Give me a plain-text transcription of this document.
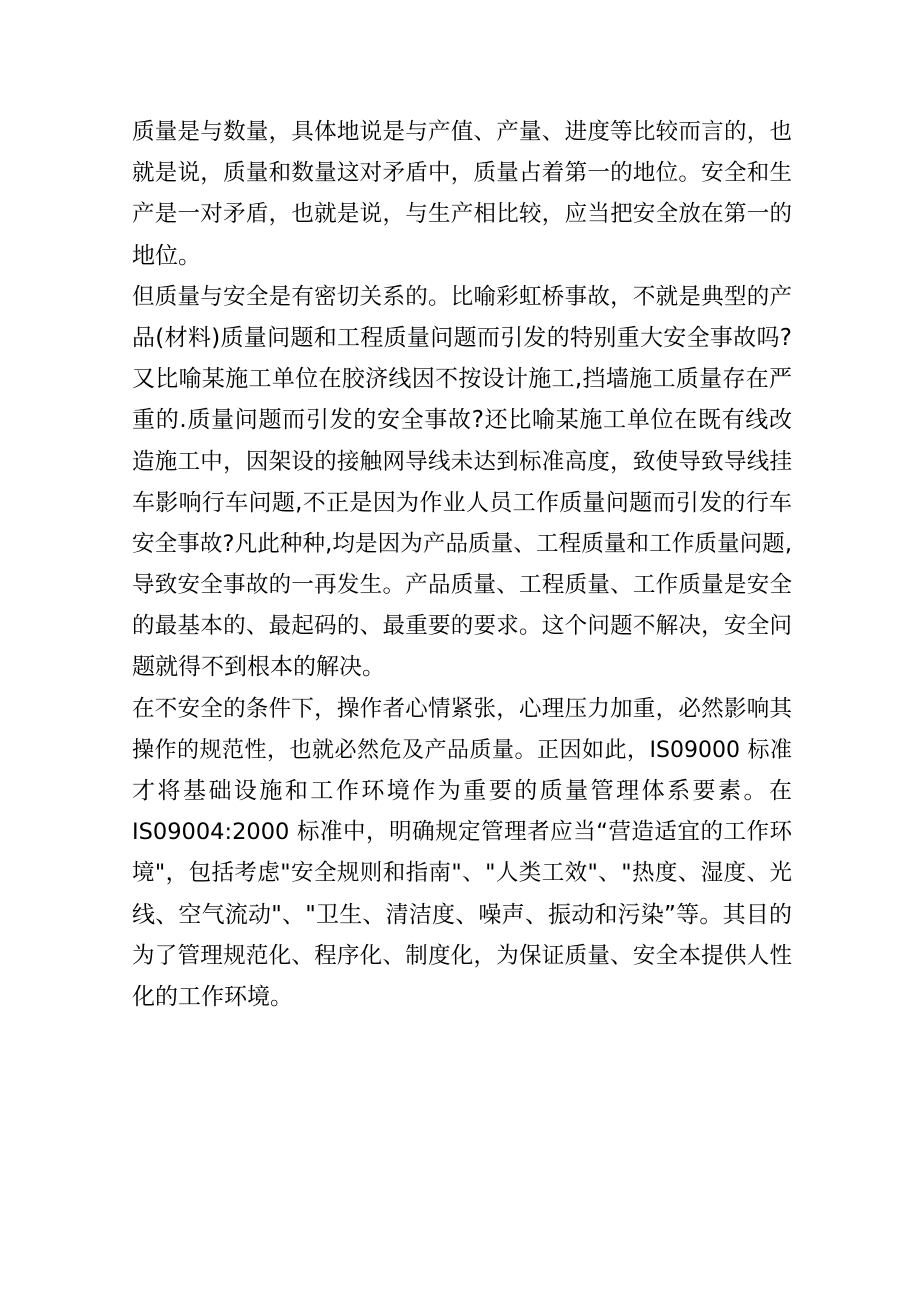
质量是与数量，具体地说是与产值、产量、进度等比较而言的，也
就是说，质量和数量这对矛盾中，质量占着第一的地位。安全和生
产是一对矛盾，也就是说，与生产相比较，应当把安全放在第一的
地位。
但质量与安全是有密切关系的。比喻彩虹桥事故，不就是典型的产
品(材料)质量问题和工程质量问题而引发的特别重大安全事故吗?
又比喻某施工单位在胶济线因不按设计施工,挡墙施工质量存在严
重的.质量问题而引发的安全事故?还比喻某施工单位在既有线改
造施工中，因架设的接触网导线未达到标准高度，致使导致导线挂
车影响行车问题,不正是因为作业人员工作质量问题而引发的行车
安全事故?凡此种种,均是因为产品质量、工程质量和工作质量问题,
导致安全事故的一再发生。产品质量、工程质量、工作质量是安全
的最基本的、最起码的、最重要的要求。这个问题不解决，安全问
题就得不到根本的解决。
在不安全的条件下，操作者心情紧张，心理压力加重，必然影响其
操作的规范性，也就必然危及产品质量。正因如此，IS09000 标准
才将基础设施和工作环境作为重要的质量管理体系要素。在
IS09004:2000 标准中，明确规定管理者应当“营造适宜的工作环
境"，包括考虑"安全规则和指南"、"人类工效"、"热度、湿度、光
线、空气流动"、"卫生、清洁度、噪声、振动和污染”等。其目的
为了管理规范化、程序化、制度化，为保证质量、安全本提供人性
化的工作环境。
